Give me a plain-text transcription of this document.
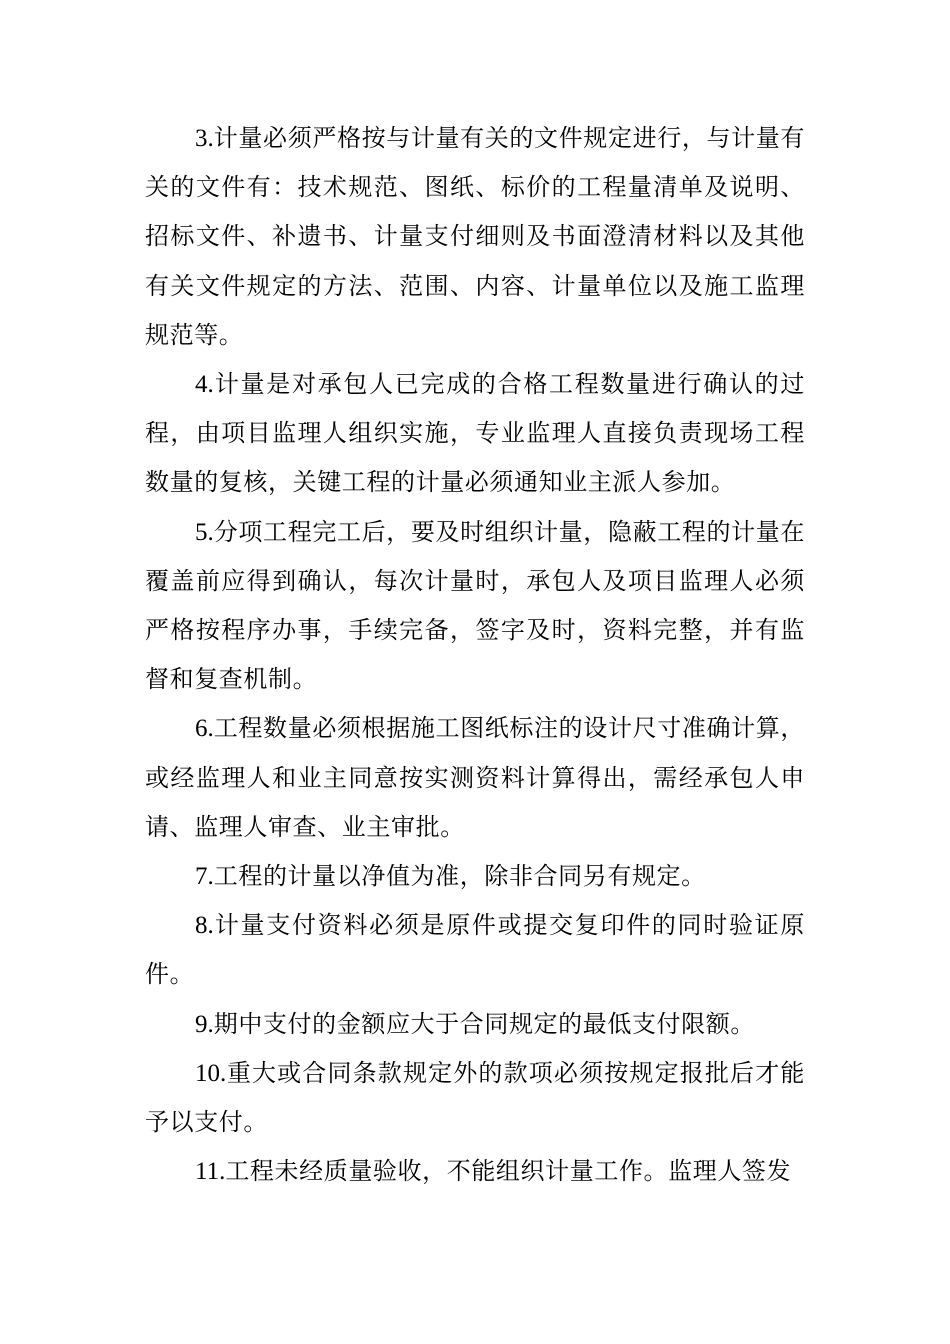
3.计量必须严格按与计量有关的文件规定进行，与计量有关的文件有：技术规范、图纸、标价的工程量清单及说明、招标文件、补遗书、计量支付细则及书面澄清材料以及其他有关文件规定的方法、范围、内容、计量单位以及施工监理规范等。

4.计量是对承包人已完成的合格工程数量进行确认的过程，由项目监理人组织实施，专业监理人直接负责现场工程数量的复核，关键工程的计量必须通知业主派人参加。

5.分项工程完工后，要及时组织计量，隐蔽工程的计量在覆盖前应得到确认，每次计量时，承包人及项目监理人必须严格按程序办事，手续完备，签字及时，资料完整，并有监督和复查机制。

6.工程数量必须根据施工图纸标注的设计尺寸准确计算，或经监理人和业主同意按实测资料计算得出，需经承包人申请、监理人审查、业主审批。

7.工程的计量以净值为准，除非合同另有规定。

8.计量支付资料必须是原件或提交复印件的同时验证原件。

9.期中支付的金额应大于合同规定的最低支付限额。

10.重大或合同条款规定外的款项必须按规定报批后才能予以支付。

11.工程未经质量验收，不能组织计量工作。监理人签发
